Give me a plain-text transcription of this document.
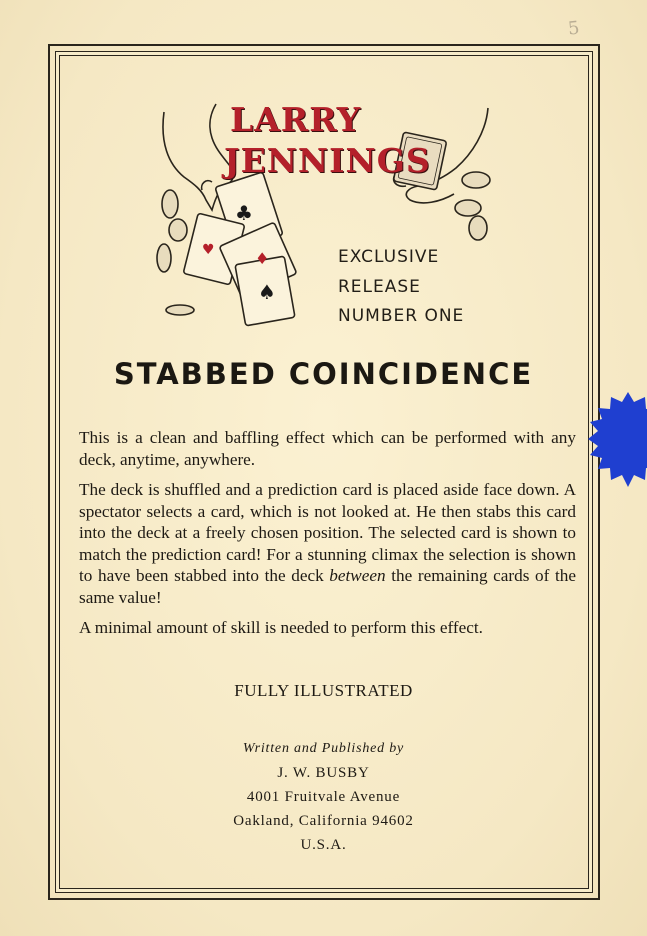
5
♣
♥	♦
♠
LARRY
JENNINGS
EXCLUSIVE
RELEASE
NUMBER ONE
STABBED COINCIDENCE

This is a clean and baffling effect which can be performed with any deck, anytime, anywhere.

The deck is shuffled and a prediction card is placed aside face down. A spectator selects a card, which is not looked at. He then stabs this card into the deck at a freely chosen position. The selected card is shown to match the prediction card! For a stunning climax the selection is shown to have been stabbed into the deck between the remaining cards of the same value!

A minimal amount of skill is needed to perform this effect.

FULLY ILLUSTRATED
Written and Published by
J. W. BUSBY
4001 Fruitvale Avenue
Oakland, California 94602
U.S.A.
